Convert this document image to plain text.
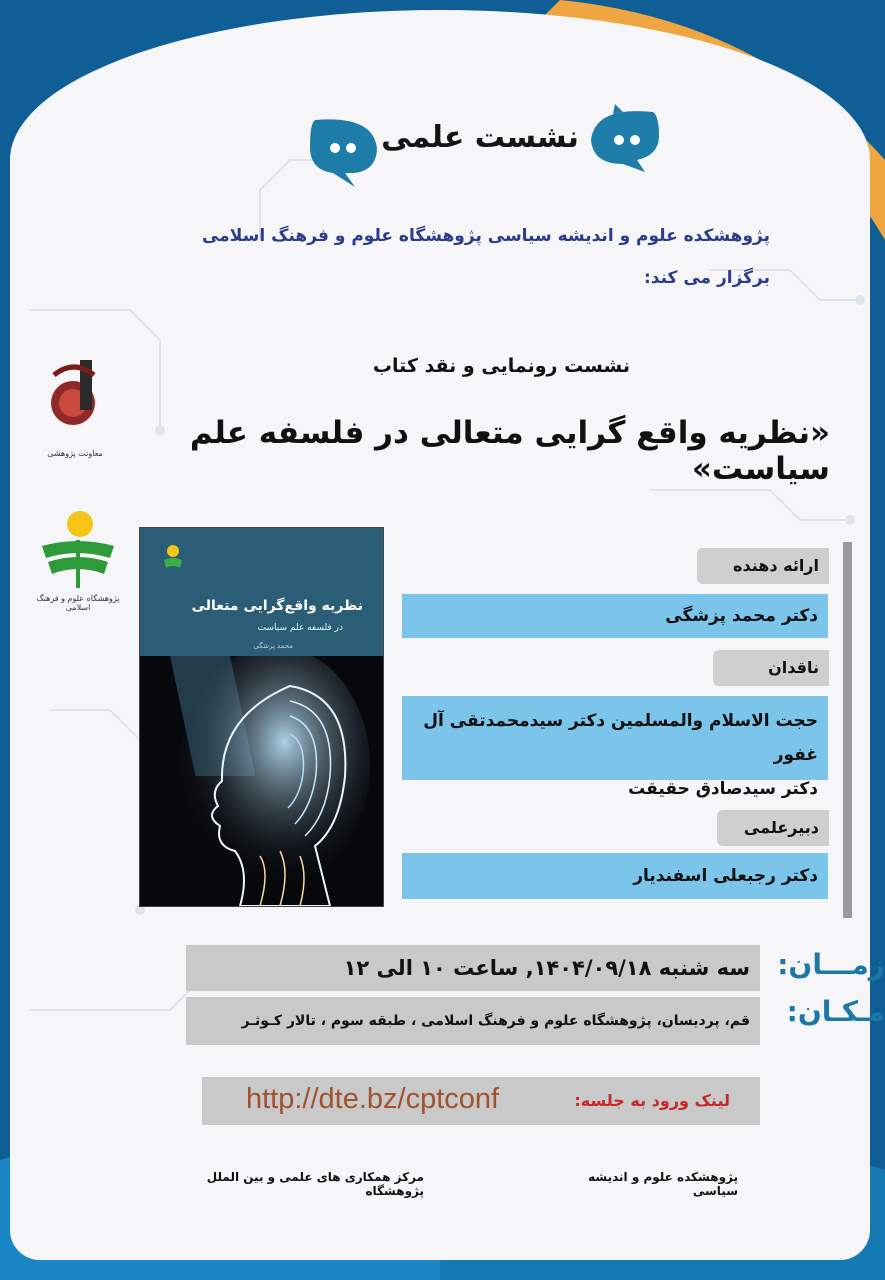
نشست علمی
پژوهشکده علوم و اندیشه سیاسی پژوهشگاه علوم و فرهنگ اسلامی
برگزار می کند:
نشست رونمایی و نقد کتاب
«نظریه واقع گرایی متعالی در فلسفه علم سیاست»
معاونت پژوهشی
پژوهشگاه علوم و فرهنگ اسلامی	نظریه واقع‌گرایی متعالی
در فلسفه علم سیاست
محمد پزشگی
ارائه دهنده
دکتر محمد پزشگی
ناقدان
حجت الاسلام والمسلمین دکتر سیدمحمدتقی آل غفور
دکتر سیدصادق حقیقت
دبیرعلمی
دکتر رجبعلی اسفندیار
زمـــان:
سه شنبه ۱۴۰۴/۰۹/۱۸, ساعت ۱۰ الی ۱۲
مـکـان:
قم، پردیسان، پژوهشگاه علوم و فرهنگ اسلامی ، طبقه سوم ، تالار کـوثـر
لینک ورود به جلسه:
http://dte.bz/cptconf
پژوهشکده علوم و اندیشه سیاسی
مرکز همکاری های علمی و بین الملل پژوهشگاه
